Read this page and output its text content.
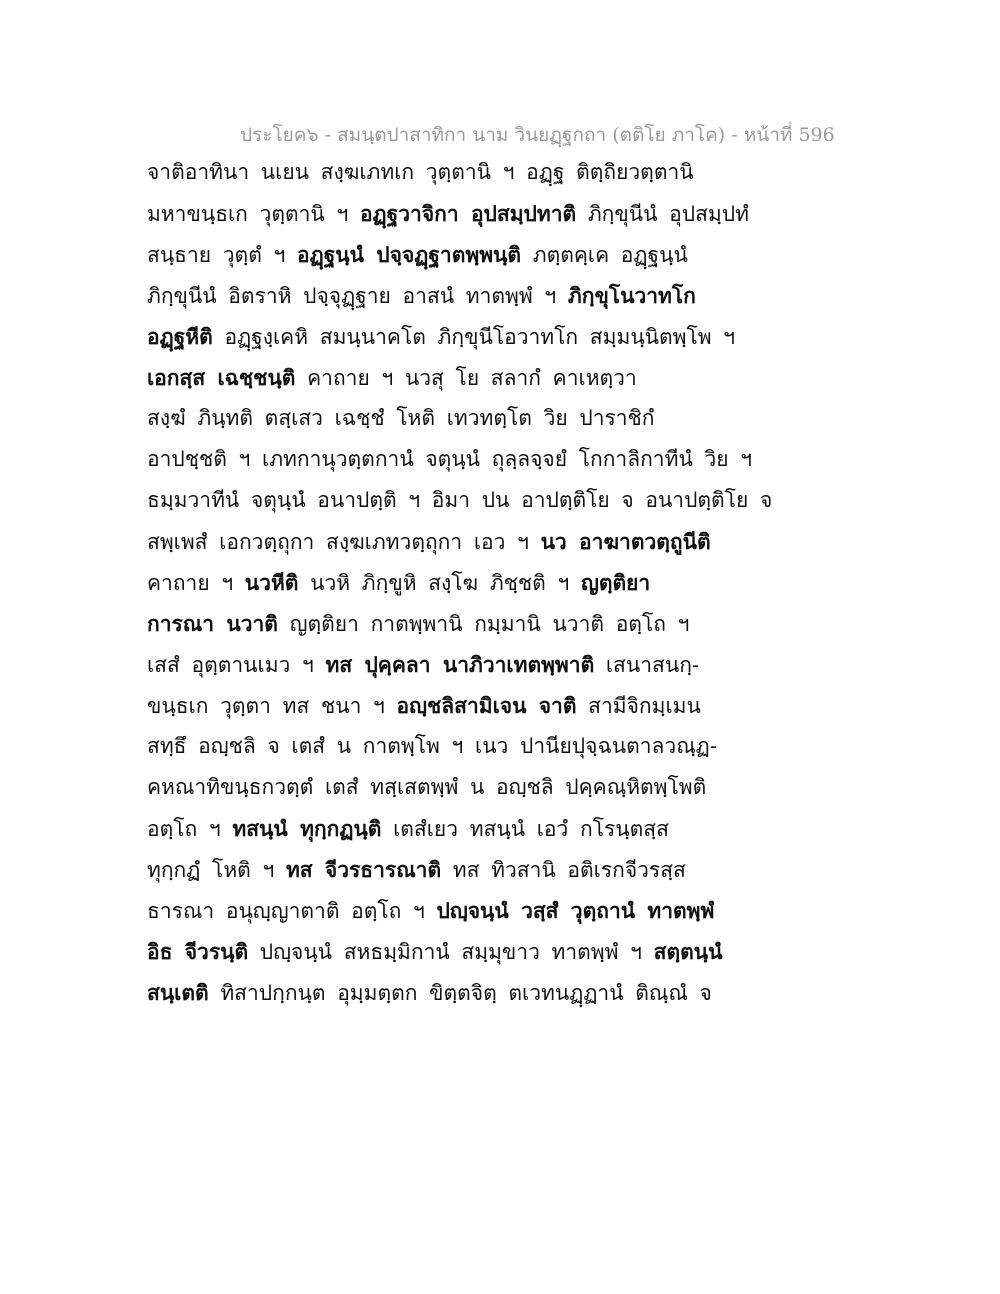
ประโยค๖ - สมนฺตปาสาทิกา นาม วินยฏฺฐกถา (ตติโย ภาโค) - หน้าที่ 596
จาติอาทินา นเยน สงฺฆเภทเก วุตฺตานิ ฯ อฏฺฐ ติตฺถิยวตฺตานิ
มหาขนฺธเก วุตฺตานิ ฯ อฏฺฐวาจิกา อุปสมฺปทาติ ภิกฺขุนีนํ อุปสมฺปทํ
สนฺธาย วุตฺตํ ฯ อฏฺฐนฺนํ ปจฺจฏฺฐาตพฺพนฺติ ภตฺตคฺเค อฏฺฐนฺนํ
ภิกฺขุนีนํ อิตราหิ ปจฺจุฏฺฐาย อาสนํ ทาตพฺพํ ฯ ภิกฺขุโนวาทโก
อฏฺฐหีติ อฏฺฐงฺเคหิ สมนฺนาคโต ภิกฺขุนีโอวาทโก สมฺมนฺนิตพฺโพ ฯ
เอกสฺส เฉชฺชนฺติ คาถาย ฯ นวสุ โย สลากํ คาเหตฺวา
สงฺฆํ ภินฺทติ ตสฺเสว เฉชฺชํ โหติ เทวทตฺโต วิย ปาราชิกํ
อาปชฺชติ ฯ เภทกานุวตฺตกานํ จตุนฺนํ ถุลฺลจฺจยํ โกกาลิกาทีนํ วิย ฯ
ธมฺมวาทีนํ จตุนฺนํ อนาปตฺติ ฯ อิมา ปน อาปตฺติโย จ อนาปตฺติโย จ
สพฺเพสํ เอกวตฺถุกา สงฺฆเภทวตฺถุกา เอว ฯ นว อาฆาตวตฺถูนีติ
คาถาย ฯ นวหีติ นวหิ ภิกฺขูหิ สงฺโฆ ภิชฺชติ ฯ ญตฺติยา
การณา นวาติ ญตฺติยา กาตพฺพานิ กมฺมานิ นวาติ อตฺโถ ฯ
เสสํ อุตฺตานเมว ฯ ทส ปุคฺคลา นาภิวาเทตพฺพาติ เสนาสนกฺ-
ขนฺธเก วุตฺตา ทส ชนา ฯ อญฺชลิสามิเจน จาติ สามีจิกมฺเมน
สทฺธึ อญฺชลิ จ เตสํ น กาตพฺโพ ฯ เนว ปานียปุจฺฉนตาลวณฺฏ-
คหณาทิขนฺธกวตฺตํ เตสํ ทสฺเสตพฺพํ น อญฺชลิ ปคฺคณฺหิตพฺโพติ
อตฺโถ ฯ ทสนฺนํ ทุกฺกฏนฺติ เตสํเยว ทสนฺนํ เอวํ กโรนฺตสฺส
ทุกฺกฏํ โหติ ฯ ทส จีวรธารณาติ ทส ทิวสานิ อติเรกจีวรสฺส
ธารณา อนุญฺญาตาติ อตฺโถ ฯ ปญฺจนฺนํ วสฺสํ วุตฺถานํ ทาตพฺพํ
อิธ จีวรนฺติ ปญฺจนฺนํ สหธมฺมิกานํ สมฺมุขาว ทาตพฺพํ ฯ สตฺตนฺนํ
สนฺเตติ ทิสาปกฺกนฺต อุมฺมตฺตก ขิตฺตจิตฺ ตเวทนฏฺฏานํ ติณฺณํ จ
